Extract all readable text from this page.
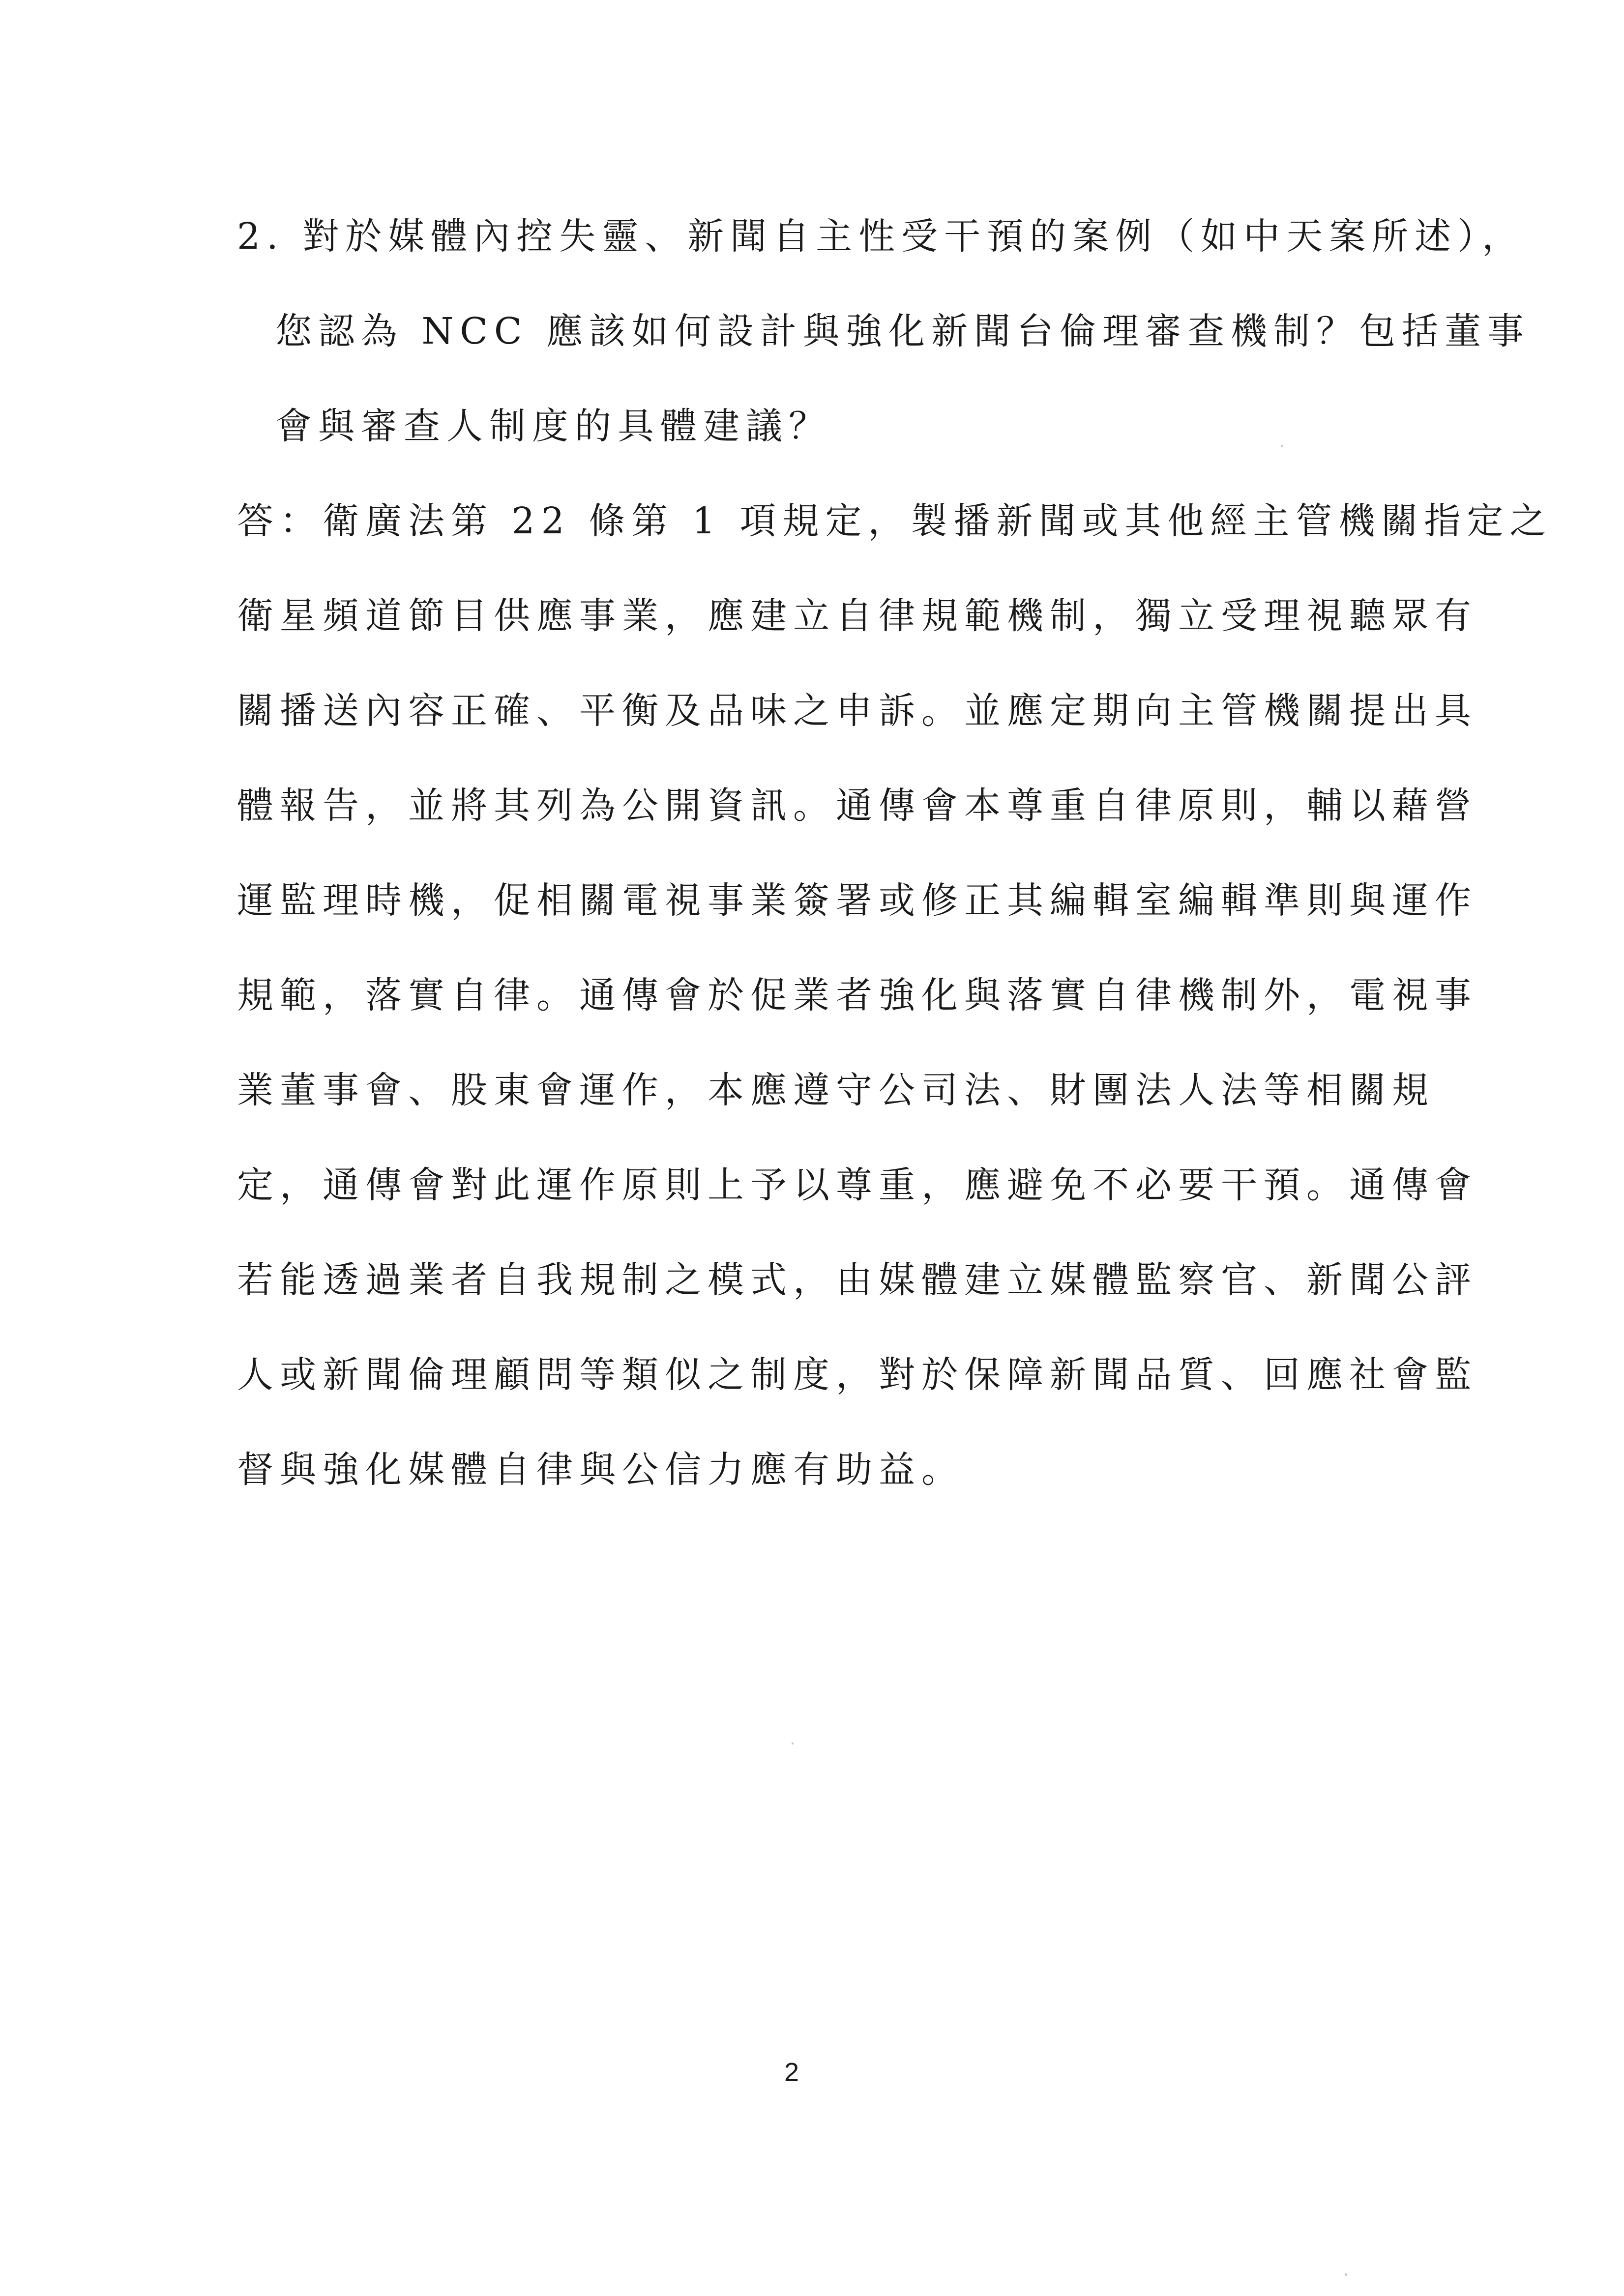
2. 對於媒體內控失靈、新聞自主性受干預的案例（如中天案所述），
您認為 NCC 應該如何設計與強化新聞台倫理審查機制？包括董事
會與審查人制度的具體建議？
答：衛廣法第 22 條第 1 項規定，製播新聞或其他經主管機關指定之
衛星頻道節目供應事業，應建立自律規範機制，獨立受理視聽眾有
關播送內容正確、平衡及品味之申訴。並應定期向主管機關提出具
體報告，並將其列為公開資訊。通傳會本尊重自律原則，輔以藉營
運監理時機，促相關電視事業簽署或修正其編輯室編輯準則與運作
規範，落實自律。通傳會於促業者強化與落實自律機制外，電視事
業董事會、股東會運作，本應遵守公司法、財團法人法等相關規
定，通傳會對此運作原則上予以尊重，應避免不必要干預。通傳會
若能透過業者自我規制之模式，由媒體建立媒體監察官、新聞公評
人或新聞倫理顧問等類似之制度，對於保障新聞品質、回應社會監
督與強化媒體自律與公信力應有助益。
2
